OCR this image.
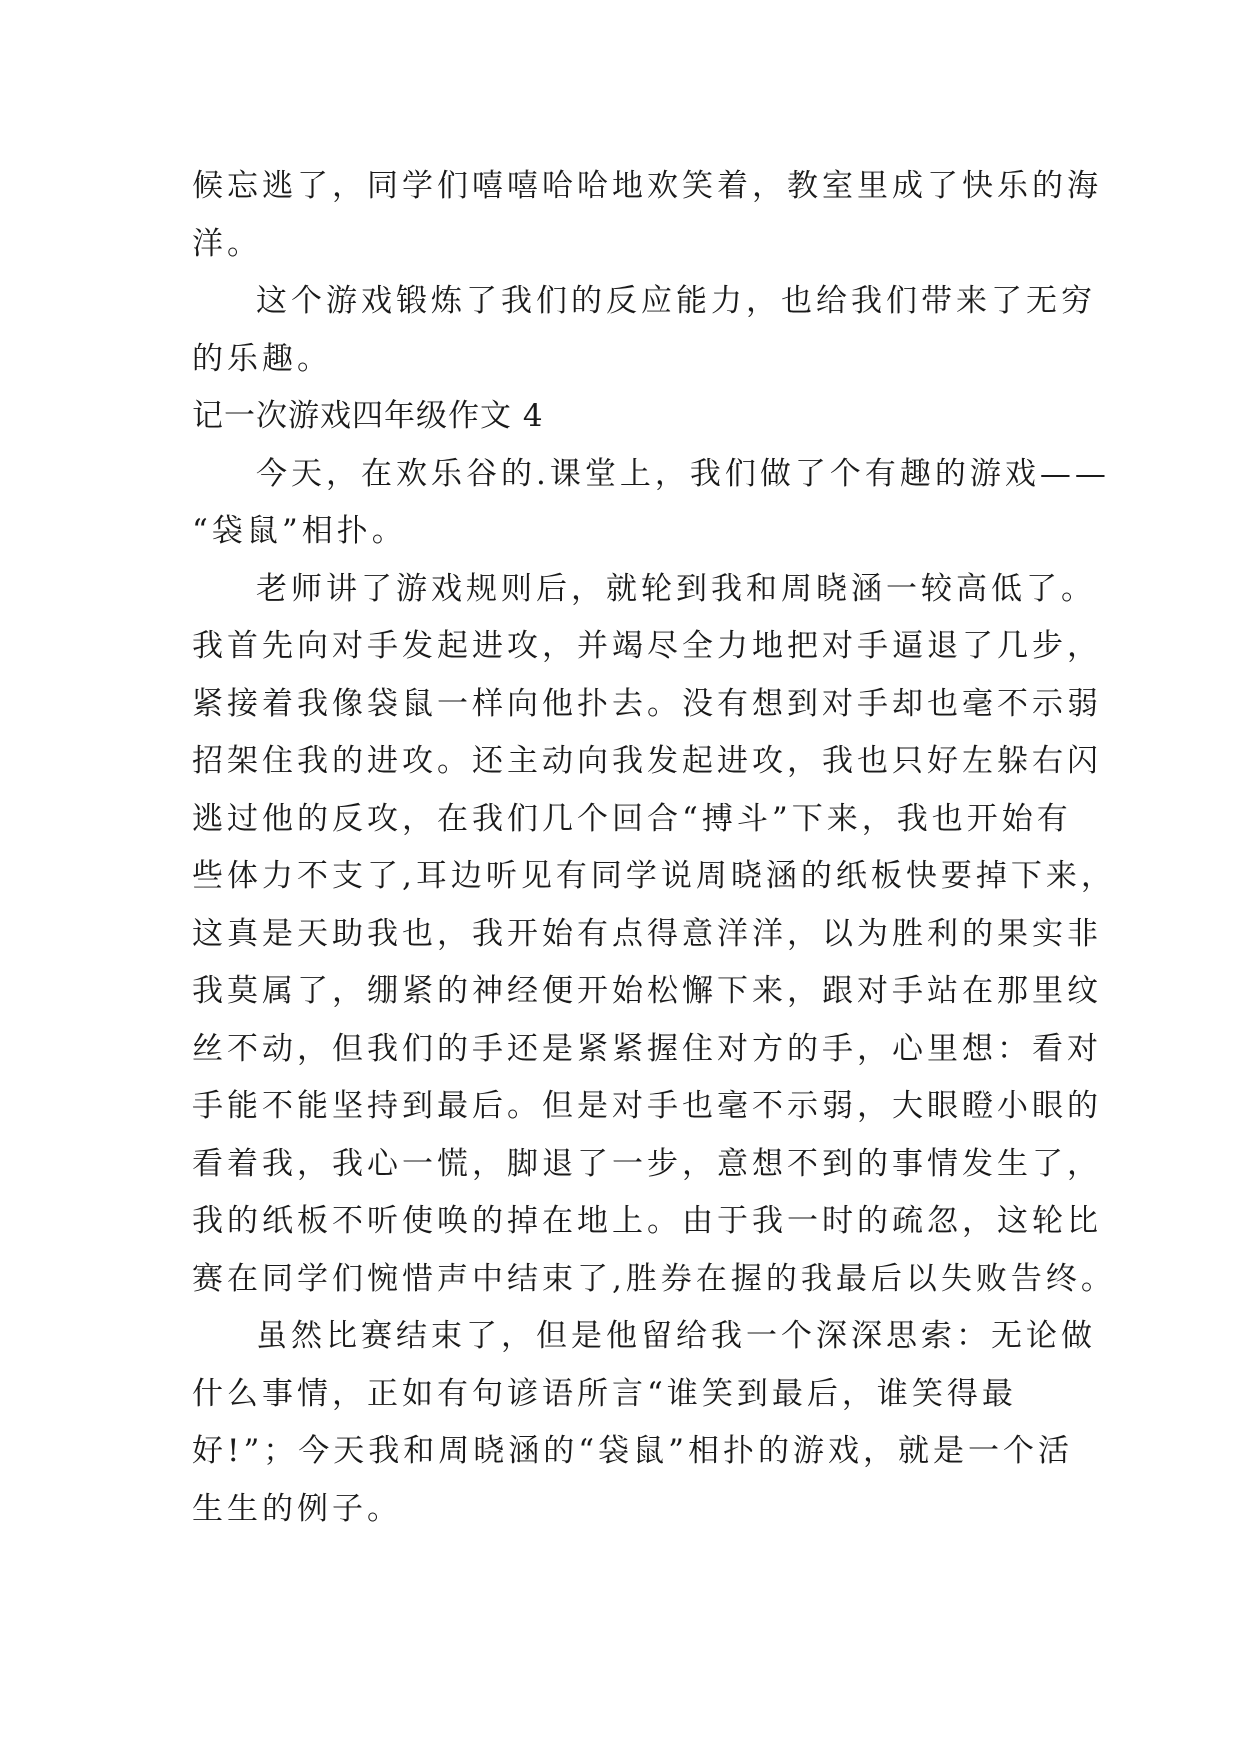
候忘逃了，同学们嘻嘻哈哈地欢笑着，教室里成了快乐的海
洋。
这个游戏锻炼了我们的反应能力，也给我们带来了无穷
的乐趣。
记一次游戏四年级作文 4
今天，在欢乐谷的.课堂上，我们做了个有趣的游戏——
“袋鼠”相扑。
老师讲了游戏规则后，就轮到我和周晓涵一较高低了。
我首先向对手发起进攻，并竭尽全力地把对手逼退了几步，
紧接着我像袋鼠一样向他扑去。没有想到对手却也毫不示弱
招架住我的进攻。还主动向我发起进攻，我也只好左躲右闪
逃过他的反攻，在我们几个回合“搏斗”下来，我也开始有
些体力不支了,耳边听见有同学说周晓涵的纸板快要掉下来，
这真是天助我也，我开始有点得意洋洋，以为胜利的果实非
我莫属了，绷紧的神经便开始松懈下来，跟对手站在那里纹
丝不动，但我们的手还是紧紧握住对方的手，心里想：看对
手能不能坚持到最后。但是对手也毫不示弱，大眼瞪小眼的
看着我，我心一慌，脚退了一步，意想不到的事情发生了，
我的纸板不听使唤的掉在地上。由于我一时的疏忽，这轮比
赛在同学们惋惜声中结束了,胜券在握的我最后以失败告终。
虽然比赛结束了，但是他留给我一个深深思索：无论做
什么事情，正如有句谚语所言“谁笑到最后，谁笑得最
好!”；今天我和周晓涵的“袋鼠”相扑的游戏，就是一个活
生生的例子。
